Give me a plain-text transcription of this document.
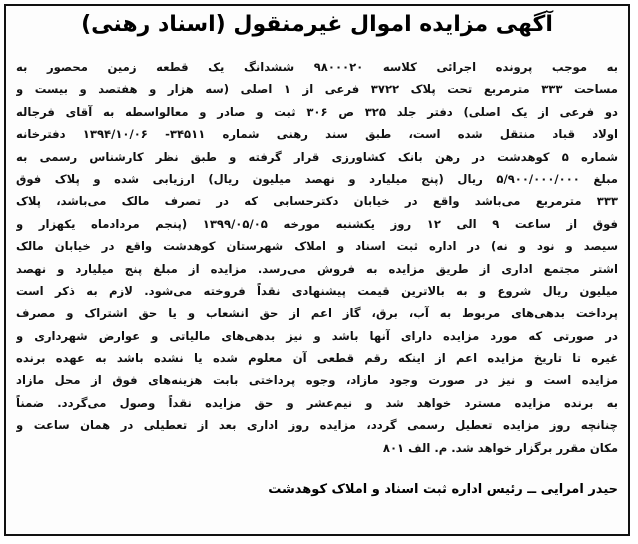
آگهی مزایده اموال غیرمنقول (اسناد رهنی)
به موجب پرونده اجرائی کلاسه ۹۸۰۰۰۲۰ ششدانگ یک قطعه زمین محصور به
مساحت ۳۳۳ مترمربع تحت پلاک ۳۷۲۲ فرعی از ۱ اصلی (سه هزار و هفتصد و بیست و
دو فرعی از یک اصلی) دفتر جلد ۳۲۵ ص ۳۰۶ ثبت و صادر و معالواسطه به آقای فرجاله
اولاد قباد منتقل شده است، طبق سند رهنی شماره ۳۴۵۱۱- ۱۳۹۴/۱۰/۰۶ دفترخانه
شماره ۵ کوهدشت در رهن بانک کشاورزی قرار گرفته و طبق نظر کارشناس رسمی به
مبلغ ۵/۹۰۰/۰۰۰/۰۰۰ ریال (پنج میلیارد و نهصد میلیون ریال) ارزیابی شده و پلاک فوق
۳۳۳ مترمربع می‌باشد واقع در خیابان دکترحسابی که در تصرف مالک می‌باشد، پلاک
فوق از ساعت ۹ الی ۱۲ روز یکشنبه مورخه ۱۳۹۹/۰۵/۰۵ (پنجم مردادماه یکهزار و
سیصد و نود و نه) در اداره ثبت اسناد و املاک شهرستان کوهدشت واقع در خیابان مالک
اشتر مجتمع اداری از طریق مزایده به فروش می‌رسد. مزایده از مبلغ پنج میلیارد و نهصد
میلیون ریال شروع و به بالاترین قیمت پیشنهادی نقداً فروخته می‌شود. لازم به ذکر است
پرداخت بدهی‌های مربوط به آب، برق، گاز اعم از حق انشعاب و یا حق اشتراک و مصرف
در صورتی که مورد مزایده دارای آنها باشد و نیز بدهی‌های مالیاتی و عوارض شهرداری و
غیره تا تاریخ مزایده اعم از اینکه رقم قطعی آن معلوم شده یا نشده باشد به عهده برنده
مزایده است و نیز در صورت وجود مازاد، وجوه پرداختی بابت هزینه‌های فوق از محل مازاد
به برنده مزایده مسترد خواهد شد و نیم‌عشر و حق مزایده نقداً وصول می‌گردد. ضمناً
چنانچه روز مزایده تعطیل رسمی گردد، مزایده روز اداری بعد از تعطیلی در همان ساعت و
مکان مقرر برگزار خواهد شد. م. الف ۸۰۱
حیدر امرایی ــ رئیس اداره ثبت اسناد و املاک کوهدشت
